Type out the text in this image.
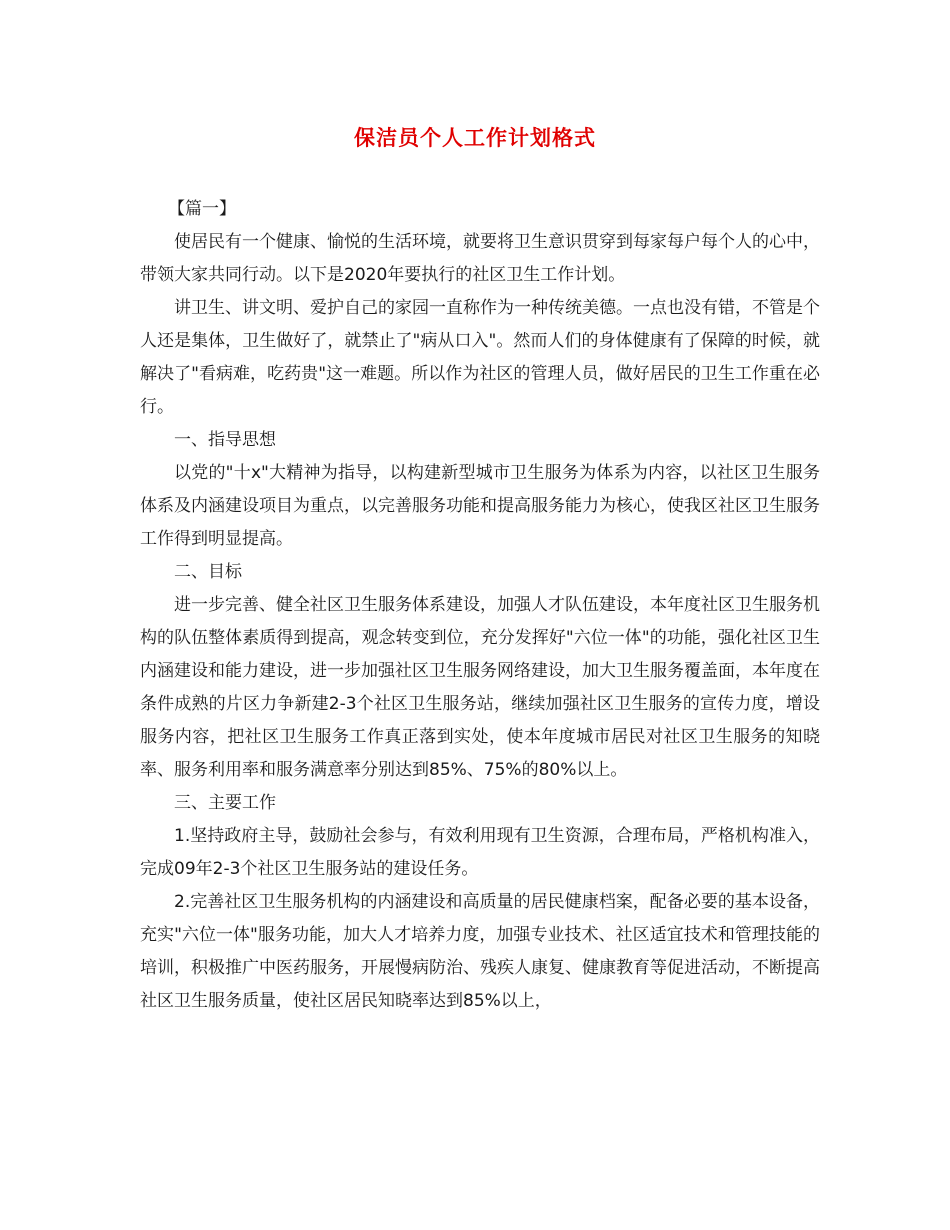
保洁员个人工作计划格式

【篇一】

使居民有一个健康、愉悦的生活环境，就要将卫生意识贯穿到每家每户每个人的心中，带领大家共同行动。以下是2020年要执行的社区卫生工作计划。

讲卫生、讲文明、爱护自己的家园一直称作为一种传统美德。一点也没有错，不管是个人还是集体，卫生做好了，就禁止了"病从口入"。然而人们的身体健康有了保障的时候，就解决了"看病难，吃药贵"这一难题。所以作为社区的管理人员，做好居民的卫生工作重在必行。

一、指导思想

以党的"十x"大精神为指导，以构建新型城市卫生服务为体系为内容，以社区卫生服务体系及内涵建设项目为重点，以完善服务功能和提高服务能力为核心，使我区社区卫生服务工作得到明显提高。

二、目标

进一步完善、健全社区卫生服务体系建设，加强人才队伍建设，本年度社区卫生服务机构的队伍整体素质得到提高，观念转变到位，充分发挥好"六位一体"的功能，强化社区卫生内涵建设和能力建设，进一步加强社区卫生服务网络建设，加大卫生服务覆盖面，本年度在条件成熟的片区力争新建2-3个社区卫生服务站，继续加强社区卫生服务的宣传力度，增设服务内容，把社区卫生服务工作真正落到实处，使本年度城市居民对社区卫生服务的知晓率、服务利用率和服务满意率分别达到85%、75%的80%以上。

三、主要工作

1.坚持政府主导，鼓励社会参与，有效利用现有卫生资源，合理布局，严格机构准入，完成09年2-3个社区卫生服务站的建设任务。

2.完善社区卫生服务机构的内涵建设和高质量的居民健康档案，配备必要的基本设备，充实"六位一体"服务功能，加大人才培养力度，加强专业技术、社区适宜技术和管理技能的培训，积极推广中医药服务，开展慢病防治、残疾人康复、健康教育等促进活动，不断提高社区卫生服务质量，使社区居民知晓率达到85%以上，
